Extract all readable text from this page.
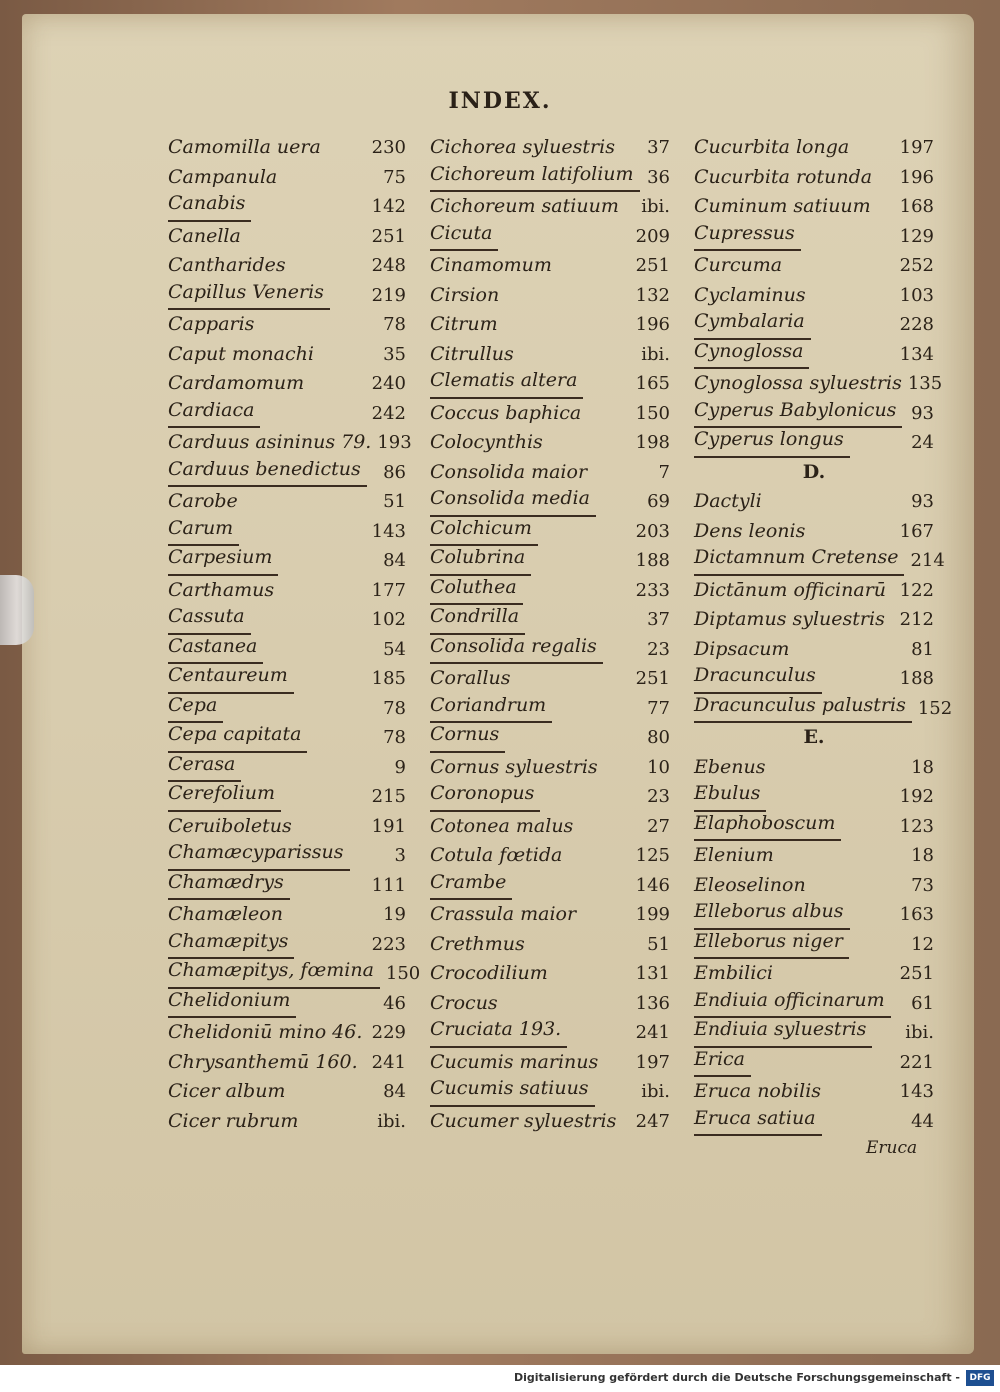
INDEX.
Camomilla uera	230
Campanula	75
Canabis	142
Canella	251
Cantharides	248
Capillus Veneris	219
Capparis	78
Caput monachi	35
Cardamomum	240
Cardiaca	242
Carduus asininus 79. 193
Carduus benedictus	86
Carobe	51
Carum	143
Carpesium	84
Carthamus	177
Cassuta	102
Castanea	54
Centaureum	185
Cepa	78
Cepa capitata	78
Cerasa	9
Cerefolium	215
Ceruiboletus	191
Chamæcyparissus	3
Chamædrys	111
Chamæleon	19
Chamæpitys	223
Chamæpitys, fœmina 150
Chelidonium	46
Chelidoniū mino 46. 229
Chrysanthemū 160. 241
Cicer album	84
Cicer rubrum	ibi.
Cichorea syluestris	37
Cichoreum latifolium 36
Cichoreum satiuum	ibi.
Cicuta	209
Cinamomum	251
Cirsion	132
Citrum	196
Citrullus	ibi.
Clematis altera	165
Coccus baphica	150
Colocynthis	198
Consolida maior	7
Consolida media	69
Colchicum	203
Colubrina	188
Coluthea	233
Condrilla	37
Consolida regalis	23
Corallus	251
Coriandrum	77
Cornus	80
Cornus syluestris	10
Coronopus	23
Cotonea malus	27
Cotula fœtida	125
Crambe	146
Crassula maior	199
Crethmus	51
Crocodilium	131
Crocus	136
Cruciata 193.	241
Cucumis marinus	197
Cucumis satiuus	ibi.
Cucumer syluestris	247
Cucurbita longa	197
Cucurbita rotunda	196
Cuminum satiuum	168
Cupressus	129
Curcuma	252
Cyclaminus	103
Cymbalaria	228
Cynoglossa	134
Cynoglossa syluestris 135
Cyperus Babylonicus 93
Cyperus longus	24
D.
Dactyli	93
Dens leonis	167
Dictamnum Cretense 214
Dictānum officinarū 122
Diptamus syluestris 212
Dipsacum	81
Dracunculus	188
Dracunculus palustris 152
E.
Ebenus	18
Ebulus	192
Elaphoboscum	123
Elenium	18
Eleoselinon	73
Elleborus albus	163
Elleborus niger	12
Embilici	251
Endiuia officinarum	61
Endiuia syluestris	ibi.
Erica	221
Eruca nobilis	143
Eruca satiua	44
Eruca
Digitalisierung gefördert durch die Deutsche Forschungsgemeinschaft -	DFG
